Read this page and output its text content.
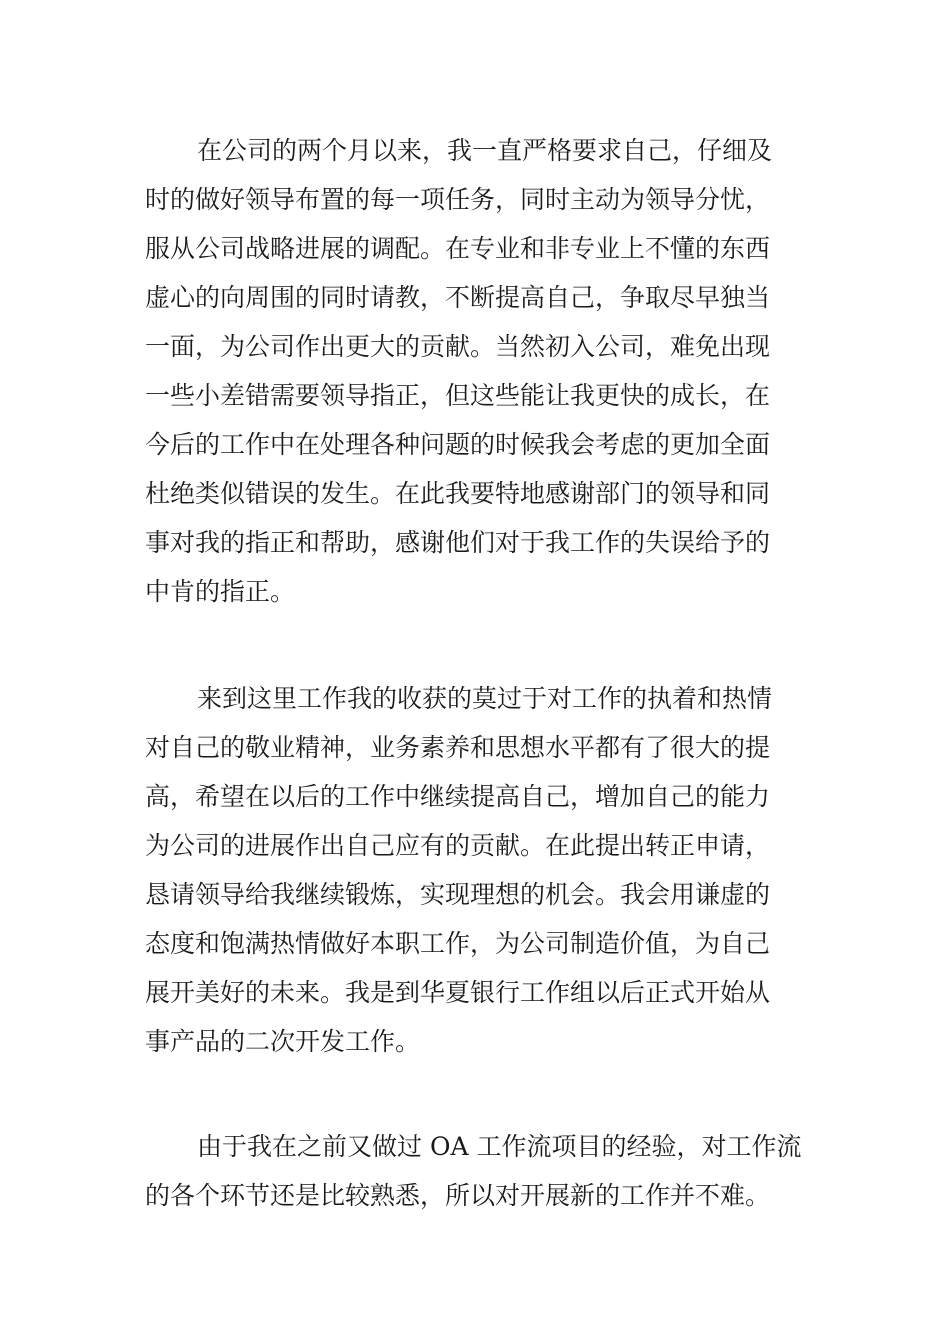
在公司的两个月以来，我一直严格要求自己，仔细及
时的做好领导布置的每一项任务，同时主动为领导分忧，
服从公司战略进展的调配。在专业和非专业上不懂的东西
虚心的向周围的同时请教，不断提高自己，争取尽早独当
一面，为公司作出更大的贡献。当然初入公司，难免出现
一些小差错需要领导指正，但这些能让我更快的成长，在
今后的工作中在处理各种问题的时候我会考虑的更加全面
杜绝类似错误的发生。在此我要特地感谢部门的领导和同
事对我的指正和帮助，感谢他们对于我工作的失误给予的
中肯的指正。
来到这里工作我的收获的莫过于对工作的执着和热情
对自己的敬业精神，业务素养和思想水平都有了很大的提
高，希望在以后的工作中继续提高自己，增加自己的能力
为公司的进展作出自己应有的贡献。在此提出转正申请，
恳请领导给我继续锻炼，实现理想的机会。我会用谦虚的
态度和饱满热情做好本职工作，为公司制造价值，为自己
展开美好的未来。我是到华夏银行工作组以后正式开始从
事产品的二次开发工作。
由于我在之前又做过 OA 工作流项目的经验，对工作流
的各个环节还是比较熟悉，所以对开展新的工作并不难。
